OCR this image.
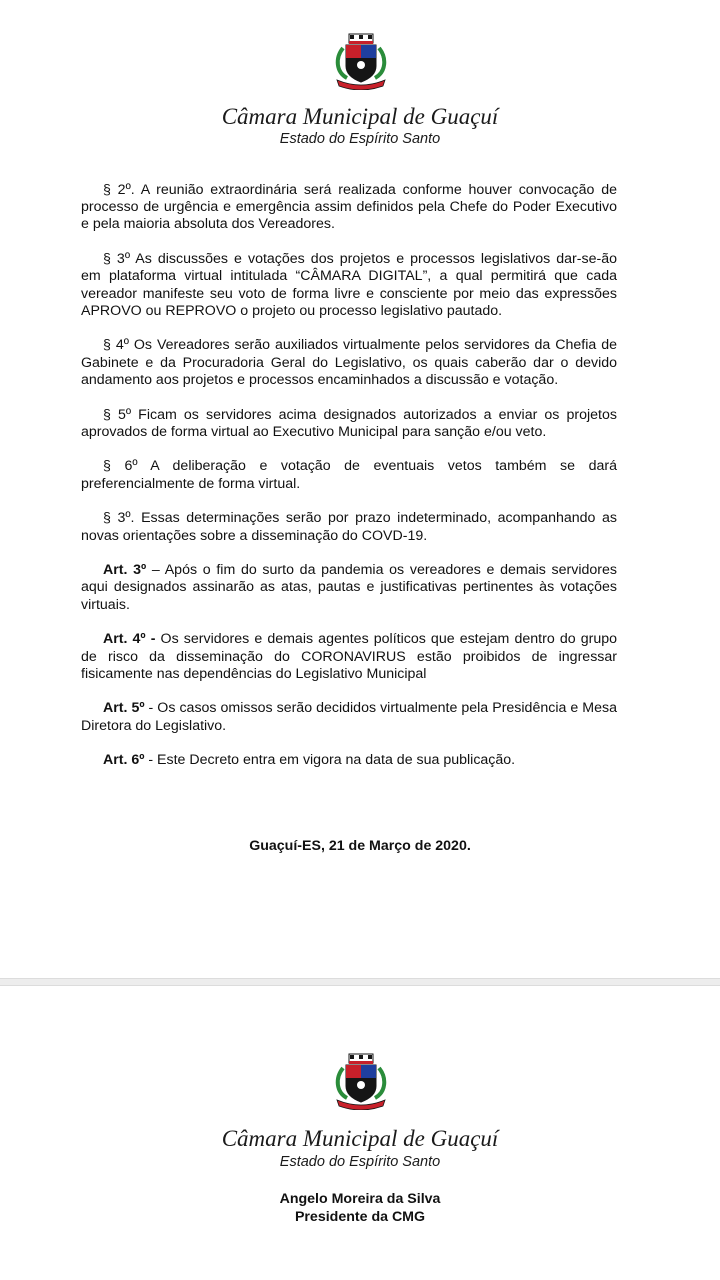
Câmara Municipal de Guaçuí
Estado do Espírito Santo

§ 2º. A reunião extraordinária será realizada conforme houver convocação de processo de urgência e emergência assim definidos pela Chefe do Poder Executivo e pela maioria absoluta dos Vereadores.

§ 3º As discussões e votações dos projetos e processos legislativos dar-se-ão em plataforma virtual intitulada “CÂMARA DIGITAL”, a qual permitirá que cada vereador manifeste seu voto de forma livre e consciente por meio das expressões APROVO ou REPROVO o projeto ou processo legislativo pautado.

§ 4º Os Vereadores serão auxiliados virtualmente pelos servidores da Chefia de Gabinete e da Procuradoria Geral do Legislativo, os quais caberão dar o devido andamento aos projetos e processos encaminhados a discussão e votação.

§ 5º Ficam os servidores acima designados autorizados a enviar os projetos aprovados de forma virtual ao Executivo Municipal para sanção e/ou veto.

§ 6º A deliberação e votação de eventuais vetos também se dará preferencialmente de forma virtual.

§ 3º. Essas determinações serão por prazo indeterminado, acompanhando as novas orientações sobre a disseminação do COVD-19.

Art. 3º – Após o fim do surto da pandemia os vereadores e demais servidores aqui designados assinarão as atas, pautas e justificativas pertinentes às votações virtuais.

Art. 4º - Os servidores e demais agentes políticos que estejam dentro do grupo de risco da disseminação do CORONAVIRUS estão proibidos de ingressar fisicamente nas dependências do Legislativo Municipal

Art. 5º - Os casos omissos serão decididos virtualmente pela Presidência e Mesa Diretora do Legislativo.

Art. 6º - Este Decreto entra em vigora na data de sua publicação.

Guaçuí-ES, 21 de Março de 2020.
Câmara Municipal de Guaçuí
Estado do Espírito Santo
Angelo Moreira da Silva
Presidente da CMG
